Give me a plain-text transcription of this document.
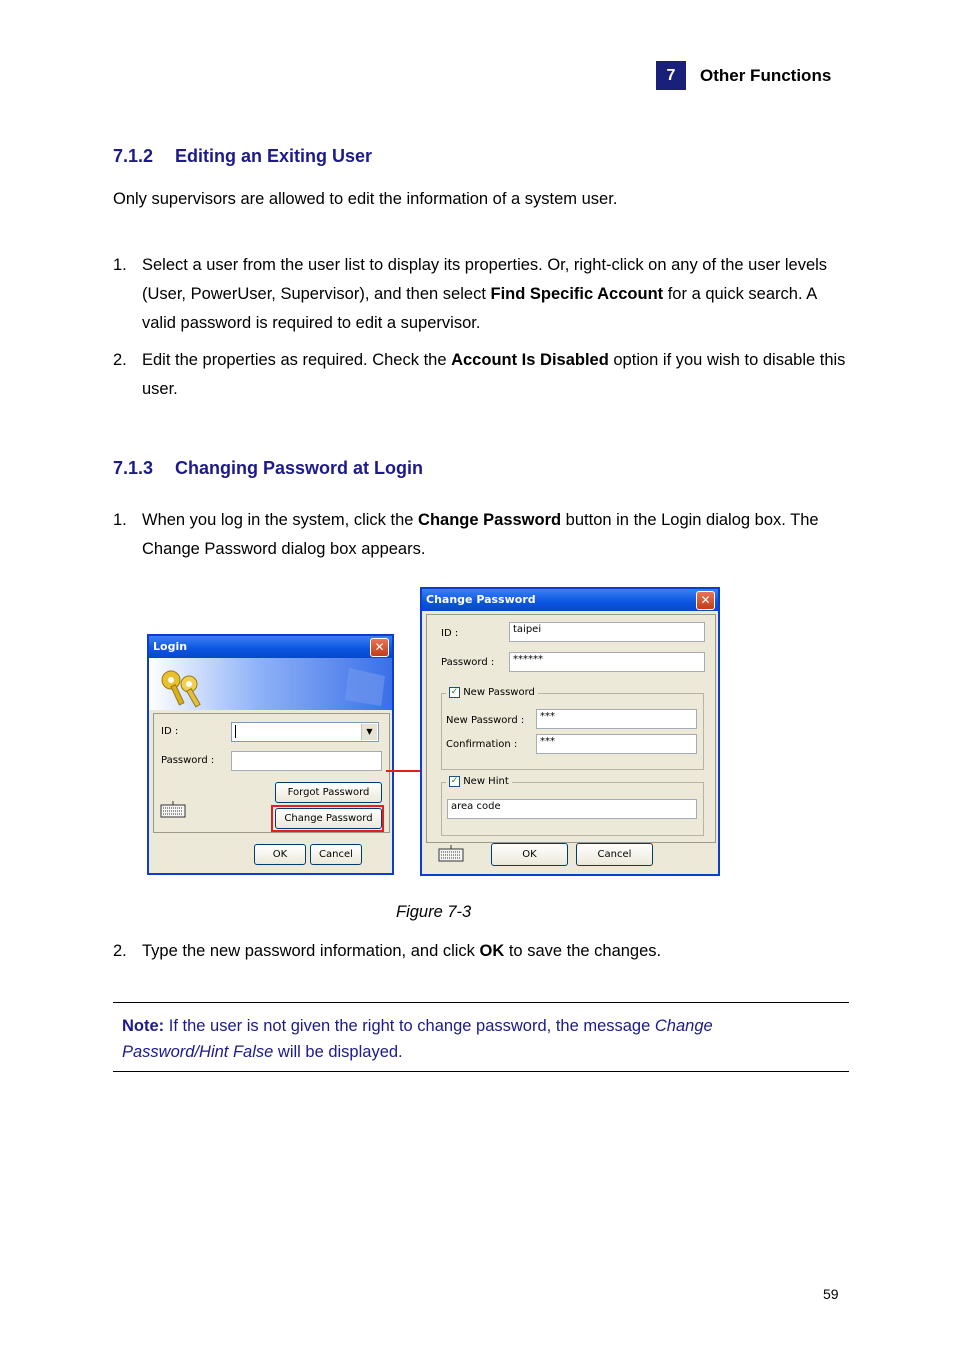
7	Other Functions
7.1.2 Editing an Exiting User
Only supervisors are allowed to edit the information of a system user.
1. Select a user from the user list to display its properties. Or, right-click on any of the user levels (User, PowerUser, Supervisor), and then select Find Specific Account for a quick search. A valid password is required to edit a supervisor.
2. Edit the properties as required. Check the Account Is Disabled option if you wish to disable this user.
7.1.3 Changing Password at Login
1. When you log in the system, click the Change Password button in the Login dialog box. The Change Password dialog box appears.
Login	✕
ID :	▼
Password :
Forgot Password
Change Password
OK	Cancel
Change Password	✕
ID :	taipei
Password :	******
✓ New Password
New Password :	***
Confirmation :	***
✓ New Hint
area code
OK	Cancel
Figure 7-3
2. Type the new password information, and click OK to save the changes.
Note: If the user is not given the right to change password, the message Change Password/Hint False will be displayed.
59
